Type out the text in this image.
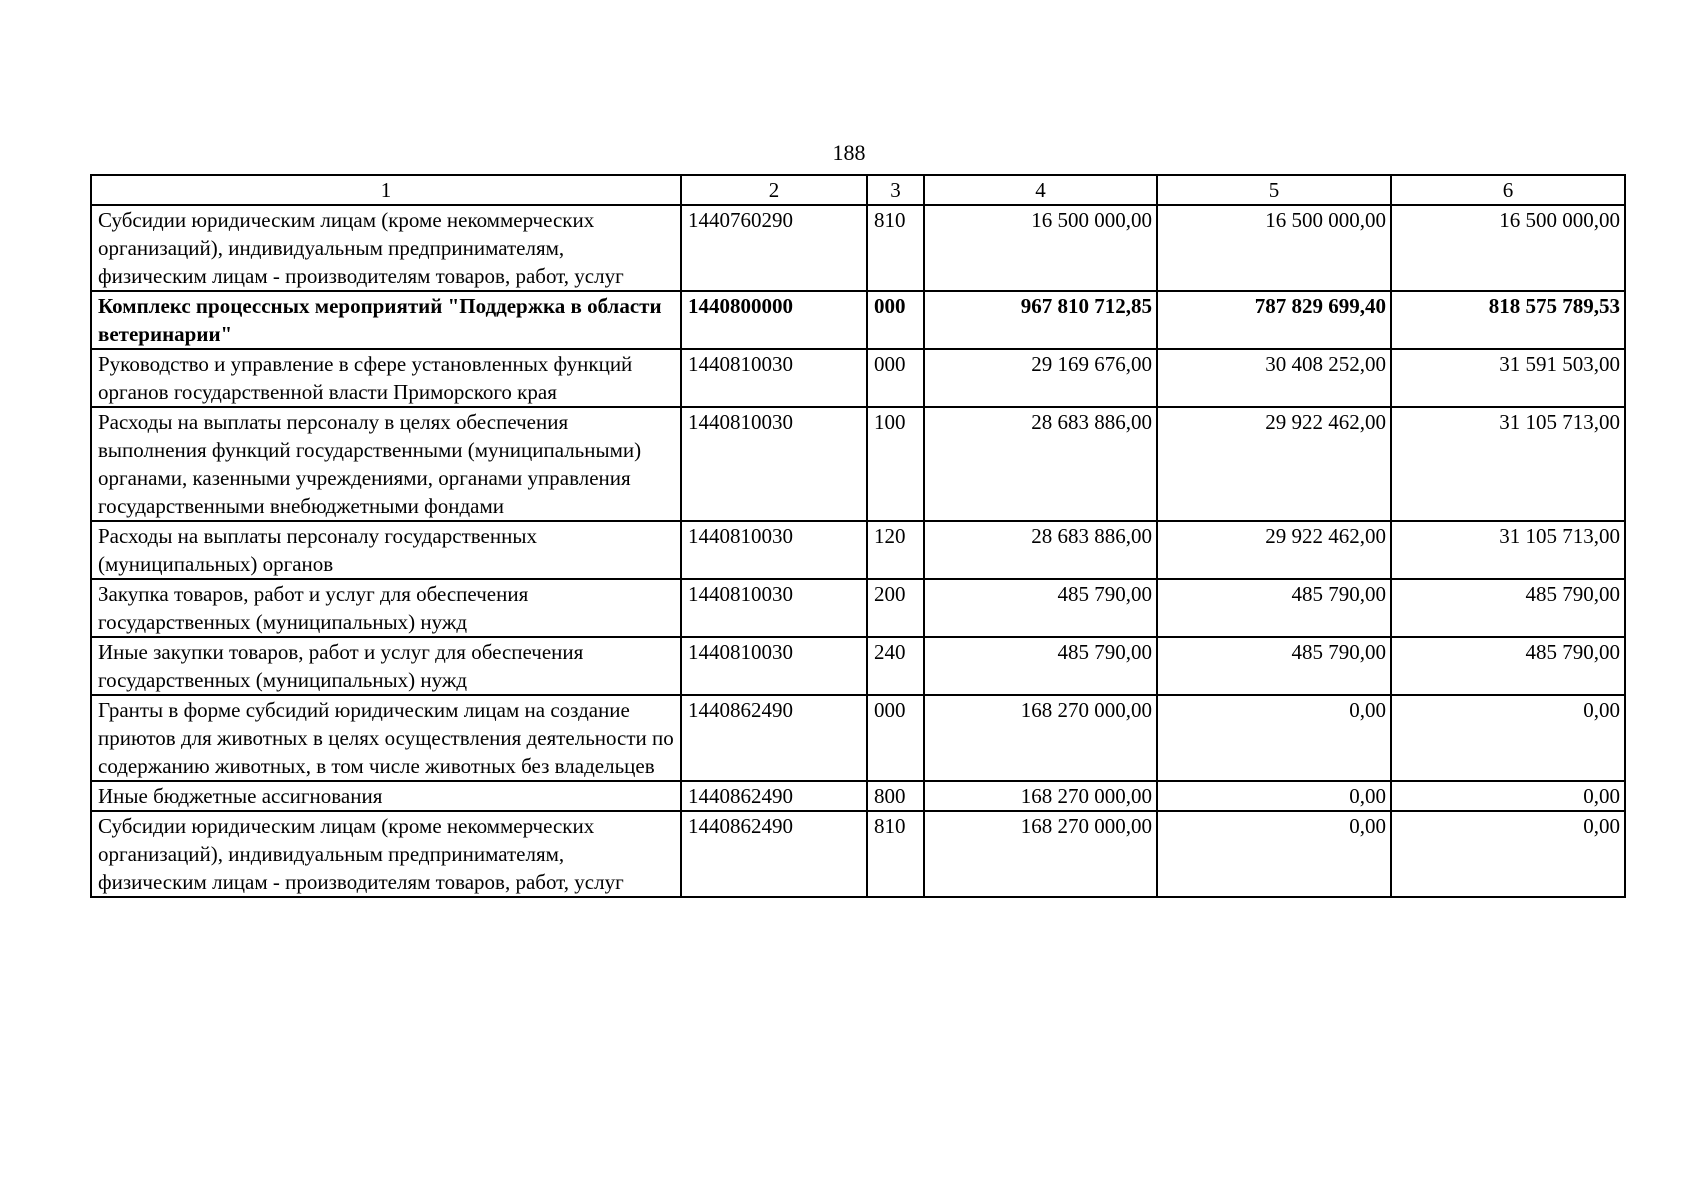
188
1	2	3	4	5	6
Субсидии юридическим лицам (кроме некоммерческих организаций), индивидуальным предпринимателям, физическим лицам - производителям товаров, работ, услуг	1440760290	810	16 500 000,00	16 500 000,00	16 500 000,00
Комплекс процессных мероприятий "Поддержка в области ветеринарии"	1440800000	000	967 810 712,85	787 829 699,40	818 575 789,53
Руководство и управление в сфере установленных функций органов государственной власти Приморского края	1440810030	000	29 169 676,00	30 408 252,00	31 591 503,00
Расходы на выплаты персоналу в целях обеспечения выполнения функций государственными (муниципальными) органами, казенными учреждениями, органами управления государственными внебюджетными фондами	1440810030	100	28 683 886,00	29 922 462,00	31 105 713,00
Расходы на выплаты персоналу государственных (муниципальных) органов	1440810030	120	28 683 886,00	29 922 462,00	31 105 713,00
Закупка товаров, работ и услуг для обеспечения государственных (муниципальных) нужд	1440810030	200	485 790,00	485 790,00	485 790,00
Иные закупки товаров, работ и услуг для обеспечения государственных (муниципальных) нужд	1440810030	240	485 790,00	485 790,00	485 790,00
Гранты в форме субсидий юридическим лицам на создание приютов для животных в целях осуществления деятельности по содержанию животных, в том числе животных без владельцев	1440862490	000	168 270 000,00	0,00	0,00
Иные бюджетные ассигнования	1440862490	800	168 270 000,00	0,00	0,00
Субсидии юридическим лицам (кроме некоммерческих организаций), индивидуальным предпринимателям, физическим лицам - производителям товаров, работ, услуг	1440862490	810	168 270 000,00	0,00	0,00
